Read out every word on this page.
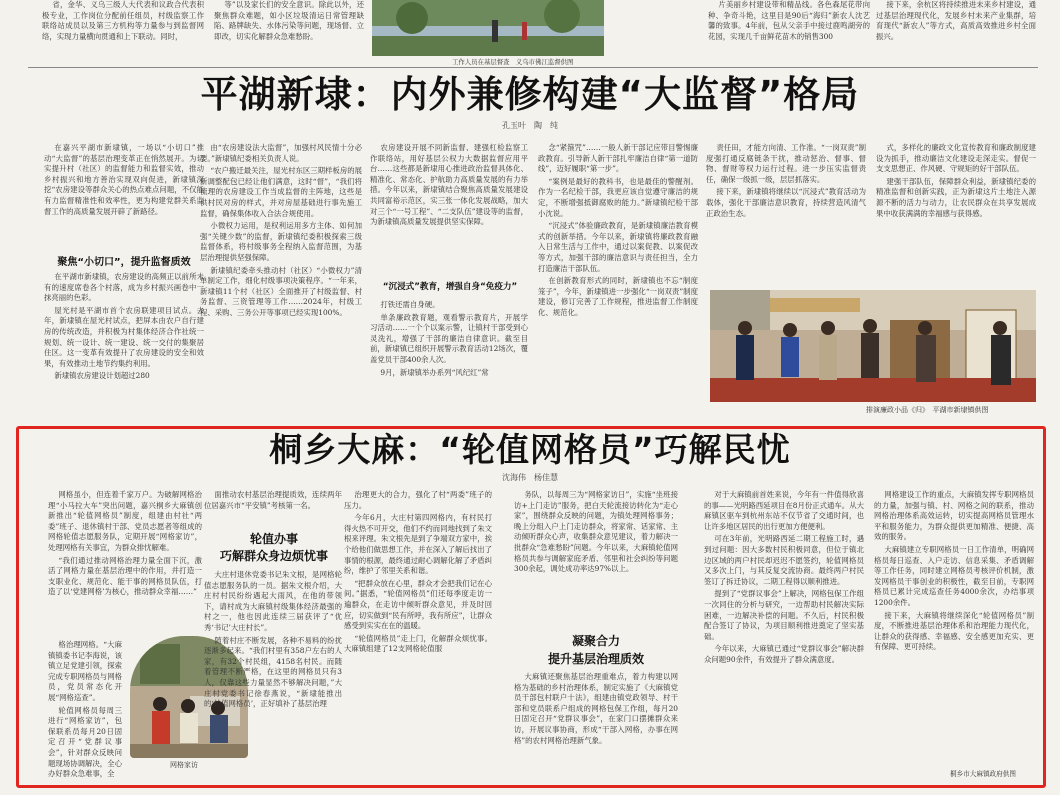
省，金华、义乌三级人大代表和议政合代表积极专业，工作岗位分配前任组员，村级监察工作联络站成员以及第三方机构等力量参与到监督网络，实现力量横向贯通和上下联动。同时，

等”以及家长们的安全意识。除此以外，还聚焦群众难题，如小区垃圾清运日常管理缺陷、路牌缺失、水体污染等问题，现场督、立即改，切实化解群众急难愁盼。

工作人员在基层督查　义乌市佛江监督供图

片美丽乡村建设带和精品线。各色森尾花带向种、争奇斗艳，这里目是90后“海归”新农人沈艺馨的致事。4年前，包从父亲手中接过鹿鸣湖旁的花园，实现几千亩鲜花苗木的销售300

接下来，余杭区将持续推进未来乡村建设，通过基层治理现代化，发展乡村未来产业集群，培育现代“新农人”等方式，高质高效推进乡村全面振兴。

平湖新埭：内外兼修构建“大监督”格局
孔玉叶　陶　纯

在嘉兴平湖市新埭镇，一场以“小切口”推动“大监督”的基层治理变革正在悄然展开。为切实提升村（社区）的监督能力和监督实效，推动乡村振兴和地方善治实现双向促进，新埭镇深挖“农房建设等群众关心的热点难点问题，不仅能有力监督精准性和效率性，更为构建党群关系监督工作的高质量发展开辟了新路径。

聚焦“小切口”，提升监督质效

在平湖市新埭镇，农房建设的高频正以前所未有的速度席卷各个村落，成为乡村振兴画卷中一抹亮丽的色彩。

屋光村是平湖市首个农房联建项目试点。去年，新埭镇在屋光村试点，把屏本由农户自行建房的传统改造，并积极为村集体经济合作社统一规划、统一设计、统一建设、统一交付的集聚居住区。这一变革有效提升了农房建设的安全和效果，有效推动土地节约集约利用。

新埭镇农房建设计划超过280

由“农房建设法大监督”，加强村风民情十分必要。”新埭镇纪委相关负责人说。

“农户搬迁最关注，屋光村东区三期样板房的展新调整配包已经让他们满意，这时“督”，“我们将梳理的农房建设工作当成监督的主阵地，这些是供村民对房的样式，并对房屋基础进行事先施工监督，确保集体收入合法合规使用。

小微权力运用，是权利运用多方主体、如何加强“关键少数”的监督，新埭镇纪委积极探索三级监督体系，将村级事务全程纳入监督范围，为基层治理提供坚强保障。

新埭镇纪委牵头推动村（社区）“小微权力”清单制定工作，细化村级事项决策程序。“一年来，新埭镇11个村（社区）全面推开了村级监督、村务监督、三资管理等工作……2024年，村级工程、采购、三务公开等事项已经实现100%。

农房建设开展不同新监督、建强杠检监察工作联络站，用好基层公权力大数据监督应用平台……这些都是新埭用心推进政治监督具体化、精准化、常态化、护航助力高质量发展的有力举措。今年以来，新埭镇结合聚焦高质量发展建设共同富裕示范区，实三张一体化发展战略，加大对三个“一号工程”、“二支队伍”建设等的监督，为新埭镇高质量发展提供坚实保障。

“沉浸式”教育，增强自身“免疫力”

打铁还需自身硬。

单条廉政教育题，观看警示教育片，开展学习活动……一个个以案示警，让镇村干部受到心灵洗礼，增强了干部的廉洁自律意识。截至目前，新埭镇已组织开展警示教育活动12场次，覆盖党员干部400余人次。

9月，新埭镇举办系列“风纪红”常

念“紧箍咒”……一般人新干部记应带目警惕廉政教育。引导新人新干部扎牢廉洁自律“第一道防线”，迈好履职“第一步”。

“案例是最好的教科书，也是最佳的警醒剂。作为一名纪检干部，我更应该自觉遵守廉洁的规定，不断增强抵御腐败的能力。”新埭镇纪检干部小沈说。

“沉浸式”体验廉政教育，是新埭镇廉洁教育模式的创新举措。今年以来，新埭镇将廉政教育融入日常生活与工作中，通过以案促教、以案促改等方式，加强干部的廉洁意识与责任担当，全力打造廉洁干部队伍。

在创新教育形式的同时，新埭镇也不忘“制度笼子”，今年，新埭镇进一步强化“一岗双责”制度建设，修订完善了工作规程，推进监督工作制度化、规范化。

责任田，才能方向清、工作准。“一岗双责”制度强打通反腐链条干扰，推动惩治、督事、督物、督财等权力运行过程。进一步压实监督责任，确保一级抓一级，层层抓落实。

接下来，新埭镇将继续以“沉浸式”教育活动为载体，强化干部廉洁意识教育，持续营造风清气正政治生态。

式，多样化的廉政文化宣传教育和廉政制度建设为抓手，推动廉洁文化建设走深走实。督促一支支思想正、作风硬、守规矩的好干部队伍。

建强干部队伍，保障群众利益，新埭镇纪委的精准监督和创新实践，正为新埭这片土地注入源源不断的活力与动力，让农民群众在共享发展成果中收获满满的幸福感与获得感。

排演廉政小品《归》　平湖市新埭镇供图
桐乡大麻：“轮值网格员”巧解民忧
沈海伟　杨佳慧

网格虽小，但连着千家万户。为破解网格治理“小马拉大车”突出问题，嘉兴桐乡大麻镇创新推出“轮值网格员”制度，组建由村社“两委”班子、退休镇村干部、党员志愿者等组成的网格轮值志愿服务队，定期开展“网格家访”，处理网格有关事宜，为群众排忧解难。

“我们通过推动网格治理力量全面下沉，激活了网格力量在基层治理中的作用，并打造一支职业化、规范化、能干事的网格员队伍，打造了以‘党建网格’为核心，推动群众幸福……”

格治理网格。“大麻镇镇委书记李海说，该镇立足党建引领，探索完成专职网格员与网格员，党员常态化开展“网格巡查”。

轮值网格员每周三进行“网格家访”，包保联系员每月20日固定召开“党群议事会”，针对群众反映问题现场协调解决，全心办好群众急难事，全

网格家访

面推动农村基层治理提质效，连续两年位居嘉兴市“平安镇”考核第一名。

轮值办事
巧解群众身边烦忧事

大庄村退休党委书记朱文根，是网格轮值志愿服务队的一员。据朱文根介绍，大庄村村民纷纷遇起大雨风，在他的带领下，请村成为大麻镇村级集体经济最强的村之一，他也因此连续三届获评了“优秀‘书记’大庄村长”。

随着村庄不断发展，各种不易料的纷扰逐渐多起来。“我们村里有358户左右的人家，有32个村民组，4158名村民。而随着管理不断严格，在这里的网格员只有3人，仅靠这些力量显然不够解决问题，”大庄村党委书记徐春燕说，“新埭能推出的‘轮值网格员’，正好填补了基层治理

治理更大的合力，强化了村“两委”班子的压力。

今年6月，大庄村第四网格内，有村民打得火热不可开交，他们不约而同地找到了朱文根来评理。朱文根先是到了争端双方家中，挨个给他们做思想工作，并在深入了解后找出了事情的根源，最终通过耐心调解化解了矛盾纠纷，维护了邻里关系和谐。

“把群众放在心里，群众才会把我们记在心间。”据悉，“轮值网格员”们还每季度走访一遍群众，在走访中倾听群众意见，并及时回应，切实做到“民有所呼，我有所应”，让群众感受到实实在在的温暖。

“轮值网格员”走上门，化解群众烦忧事。大麻镇组建了12支网格轮值服

务队，以每周三为“网格家访日”，实施“坐班接访+上门走访”服务，把白天轮流接访转化为“走心家”，围绕群众反映的问题，为镇处理网格事务；晚上分组入户上门走访群众，将家常、话家常、主动倾听群众心声，收集群众意见建议，着力解决一批群众“急难愁盼”问题。今年以来，大麻镇轮值网格员共参与调解家庭矛盾、邻里和社会纠纷等问题300余起，调处成功率达97%以上。

凝聚合力
提升基层治理质效

大麻镇还聚焦基层治理重难点，着力构建以网格为基础的乡村治理体系，制定实施了《大麻镇党员干部包村联户十法》，组建由镇党政领导、村干部和党员联系户组成的网格包保工作组，每月20日固定召开“党群议事会”，在家门口摆摊群众来访，开展议事协商，形成“干部入网格，办事在网格”的农村网格治理新气象。

对于大麻镇前首姓来说，今年有一件值得欣喜的事——光明路西延项目在8月份正式通车。从大麻镇区驱车到杭州东站不仅节省了交通时间，也让许多地区居民的出行更加方便便利。

可在3年前，光明路西延二期工程施工时，遇到过问题：因大多数村民积极同意，但位于镇北边区域的两户村民却迟迟不愿签约，轮值网格员又多次上门，与其反复交流协商。最终两户村民签订了拆迁协议，二期工程得以顺利推进。

提到了“党群议事会”上解决，网格包保工作组一次同住的分析与研究，一边帮助村民解决实际困难，一边解决补偿的问题。不久后，村民积极配合签订了协议，为项目顺利推进奠定了坚实基础。

今年以来，大麻镇已通过“党群议事会”解决群众问题90余件，有效提升了群众满意度。

网格建设工作的重点，大麻镇发挥专职网格员的力量，加强与镇、村、网格之间的联系，推动网格治理体系高效运转，切实提高网格员管理水平和服务能力，为群众提供更加精准、便捷、高效的服务。

大麻镇建立专职网格员一日工作清单，明确网格员每日巡查、入户走访、信息采集、矛盾调解等工作任务，同时建立网格员考核评价机制，激发网格员干事创业的积极性，截至目前，专职网格员已累计完成巡查任务4000余次，办结事项1200余件。

接下来，大麻镇将继续深化“轮值网格员”制度，不断推进基层治理体系和治理能力现代化，让群众的获得感、幸福感、安全感更加充实、更有保障、更可持续。

桐乡市大麻镇政府供图
